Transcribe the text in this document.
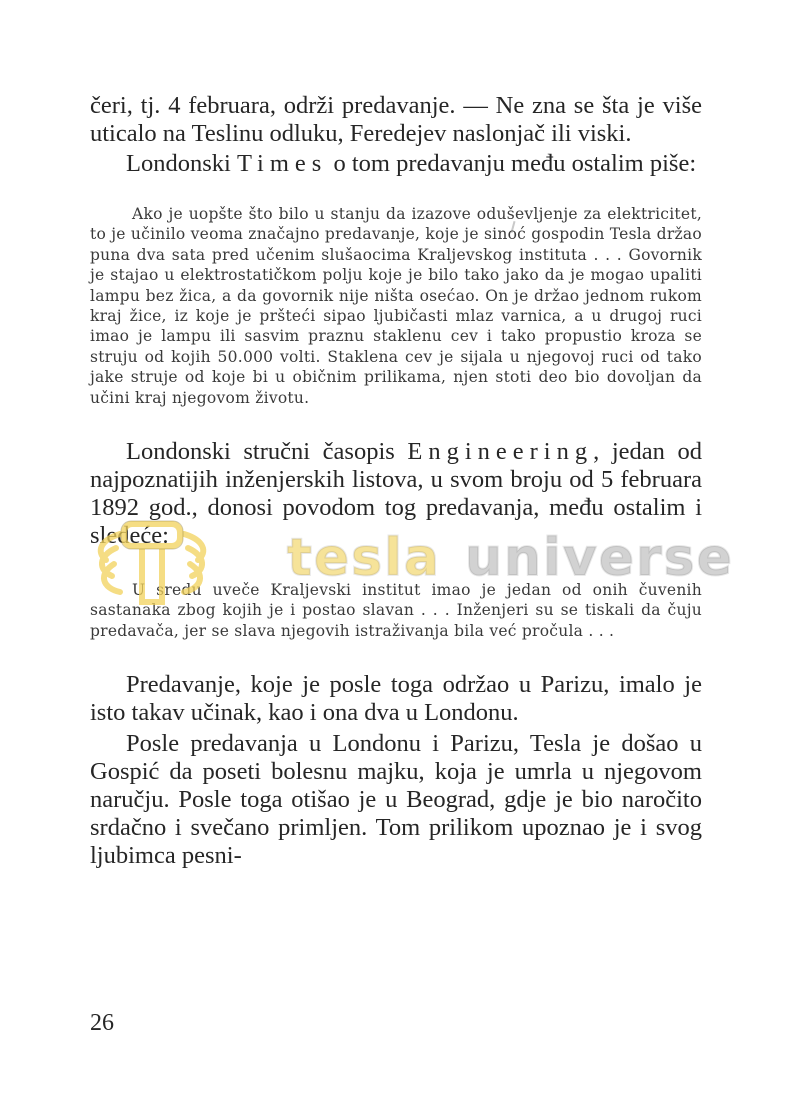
čeri, tj. 4 februara, održi predavanje. — Ne zna se šta je više uticalo na Teslinu odluku, Feredejev naslonjač ili viski.

Londonski Times o tom predavanju među ostalim piše:

Ako je uopšte što bilo u stanju da izazove oduševljenje za elektricitet, to je učinilo veoma značajno predavanje, koje je sinoć gospodin Tesla držao puna dva sata pred učenim slušaocima Kraljevskog instituta . . . Govornik je stajao u elektrostatičkom polju koje je bilo tako jako da je mogao upaliti lampu bez žica, a da govornik nije ništa osećao. On je držao jednom rukom kraj žice, iz koje je pršteći sipao ljubičasti mlaz varnica, a u drugoj ruci imao je lampu ili sasvim praznu staklenu cev i tako propustio kroza se struju od kojih 50.000 volti. Staklena cev je sijala u njegovoj ruci od tako jake struje od koje bi u običnim prilikama, njen stoti deo bio dovoljan da učini kraj njegovom životu.

Londonski stručni časopis Engineering, jedan od najpoznatijih inženjerskih listova, u svom broju od 5 februara 1892 god., donosi povodom tog predavanja, među ostalim i sledeće:

U sredu uveče Kraljevski institut imao je jedan od onih čuvenih sastanaka zbog kojih je i postao slavan . . . Inženjeri su se tiskali da čuju predavača, jer se slava njegovih istraživanja bila već pročula . . .

Predavanje, koje je posle toga održao u Parizu, imalo je isto takav učinak, kao i ona dva u Londonu.

Posle predavanja u Londonu i Parizu, Tesla je došao u Gospić da poseti bolesnu majku, koja je umrla u njegovom naručju. Posle toga otišao je u Beograd, gdje je bio naročito srdačno i svečano primljen. Tom prilikom upoznao je i svog ljubimca pesni-

26
tesla universe
